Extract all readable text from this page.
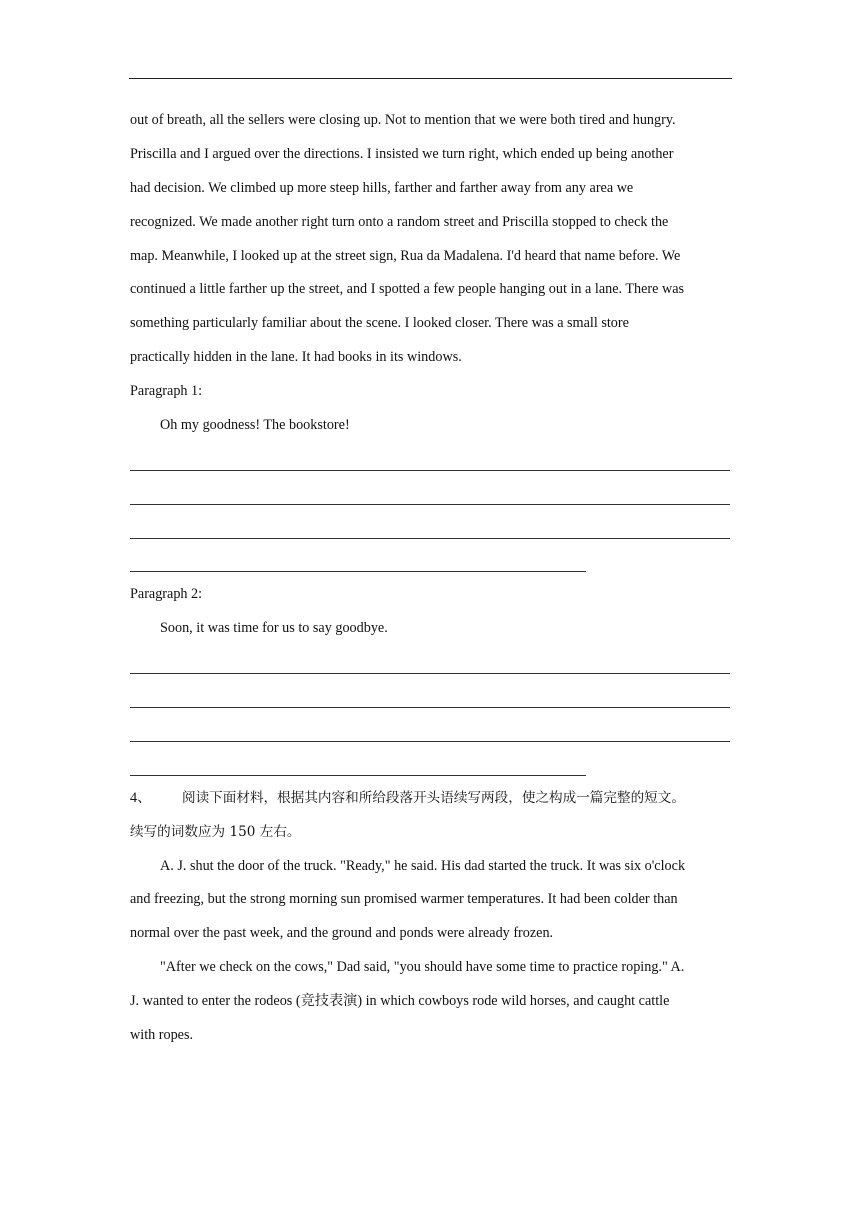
out of breath, all the sellers were closing up. Not to mention that we were both tired and hungry.
Priscilla and I argued over the directions. I insisted we turn right, which ended up being another
had decision. We climbed up more steep hills, farther and farther away from any area we
recognized. We made another right turn onto a random street and Priscilla stopped to check the
map. Meanwhile, I looked up at the street sign, Rua da Madalena. I'd heard that name before. We
continued a little farther up the street, and I spotted a few people hanging out in a lane. There was
something particularly familiar about the scene. I looked closer. There was a small store
practically hidden in the lane. It had books in its windows.
Paragraph 1:
Oh my goodness! The bookstore!
Paragraph 2:
Soon, it was time for us to say goodbye.
4、 阅读下面材料，根据其内容和所给段落开头语续写两段，使之构成一篇完整的短文。
续写的词数应为 150 左右。
A. J. shut the door of the truck. "Ready," he said. His dad started the truck. It was six o'clock
and freezing, but the strong morning sun promised warmer temperatures. It had been colder than
normal over the past week, and the ground and ponds were already frozen.
"After we check on the cows," Dad said, "you should have some time to practice roping." A.
J. wanted to enter the rodeos (竞技表演) in which cowboys rode wild horses, and caught cattle
with ropes.
